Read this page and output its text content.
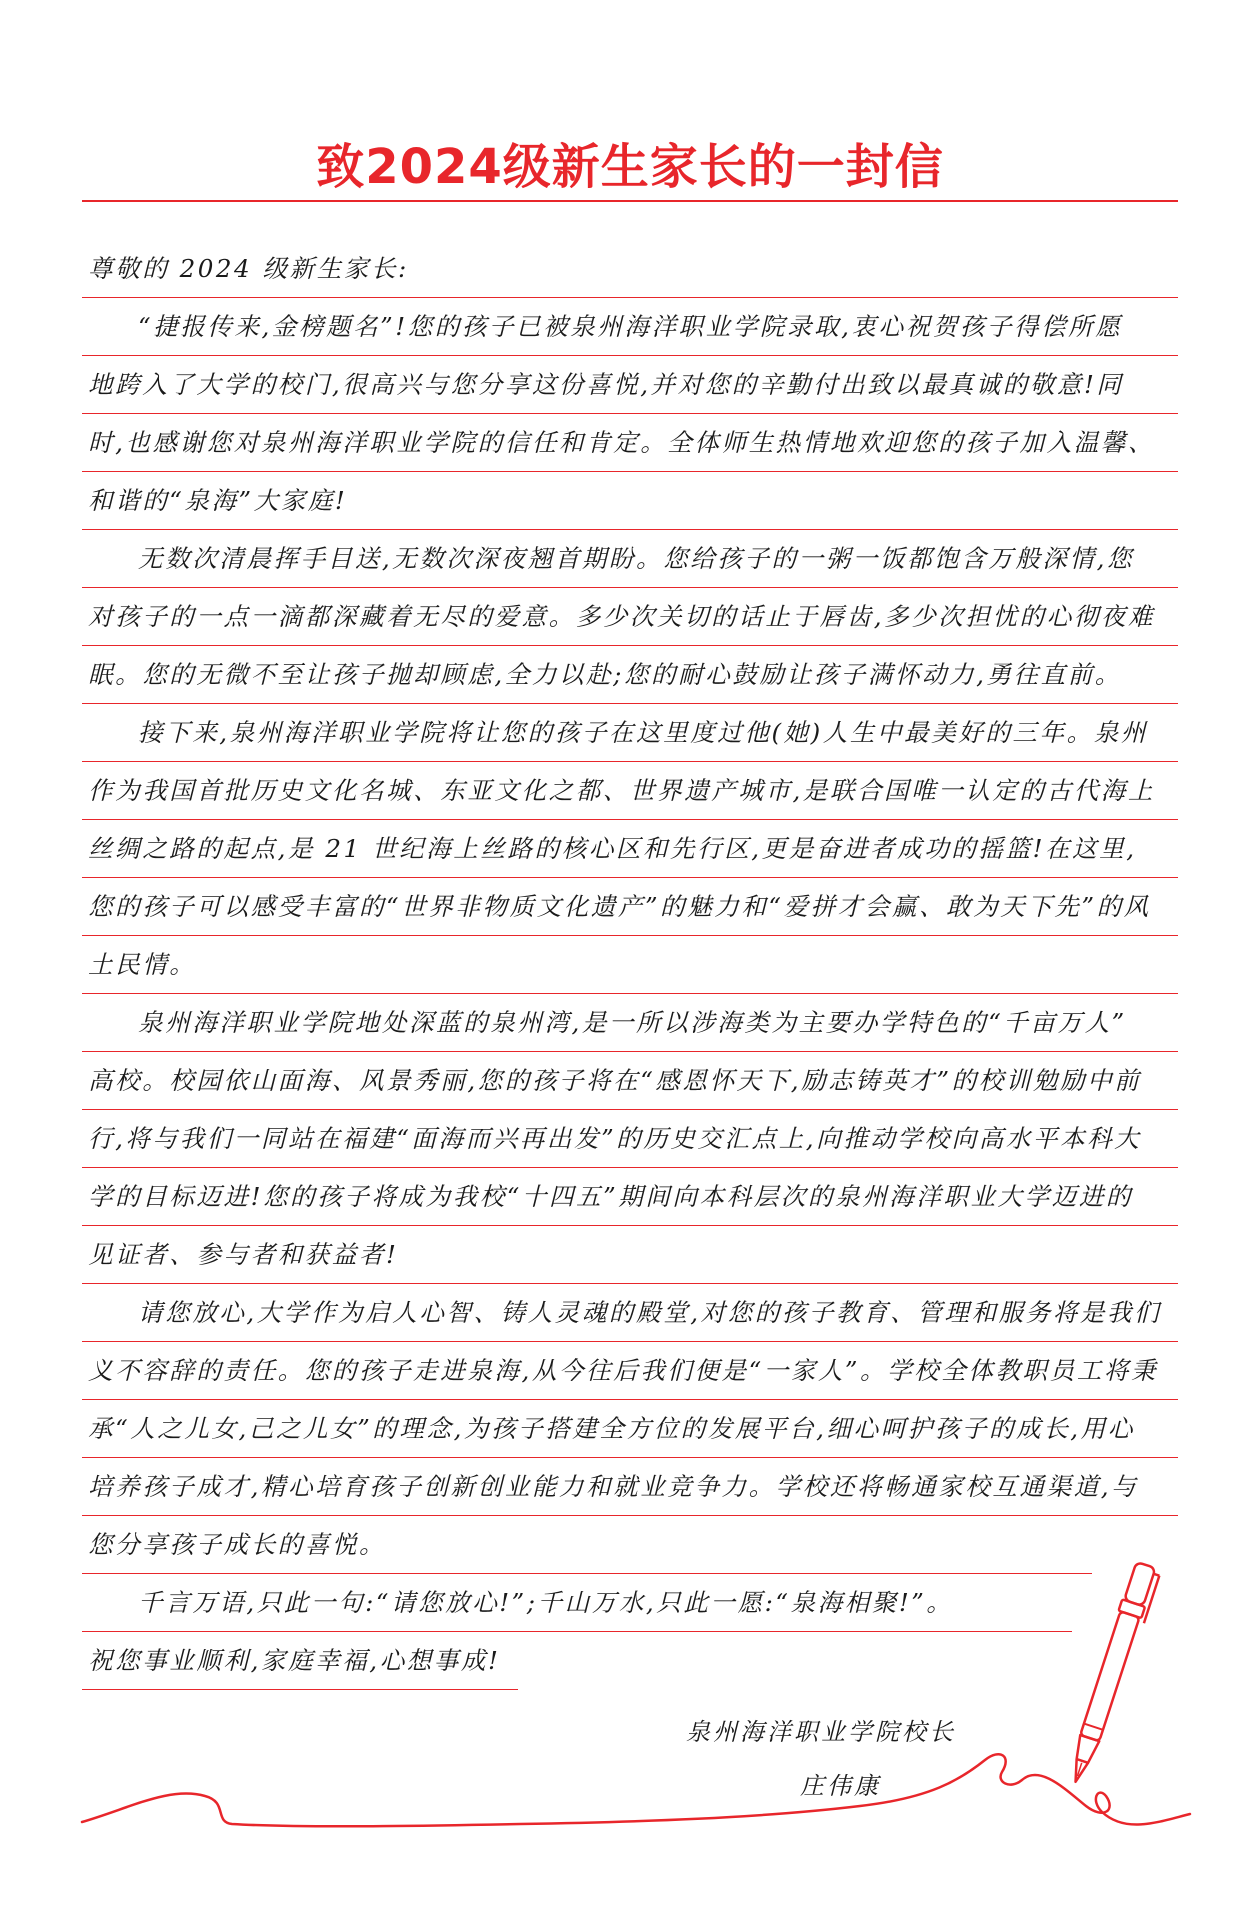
致2024级新生家长的一封信
尊敬的 2024 级新生家长:
“捷报传来,金榜题名”!您的孩子已被泉州海洋职业学院录取,衷心祝贺孩子得偿所愿
地跨入了大学的校门,很高兴与您分享这份喜悦,并对您的辛勤付出致以最真诚的敬意!同
时,也感谢您对泉州海洋职业学院的信任和肯定。全体师生热情地欢迎您的孩子加入温馨、
和谐的“泉海”大家庭!
无数次清晨挥手目送,无数次深夜翘首期盼。您给孩子的一粥一饭都饱含万般深情,您
对孩子的一点一滴都深藏着无尽的爱意。多少次关切的话止于唇齿,多少次担忧的心彻夜难
眠。您的无微不至让孩子抛却顾虑,全力以赴;您的耐心鼓励让孩子满怀动力,勇往直前。
接下来,泉州海洋职业学院将让您的孩子在这里度过他(她)人生中最美好的三年。泉州
作为我国首批历史文化名城、东亚文化之都、世界遗产城市,是联合国唯一认定的古代海上
丝绸之路的起点,是 21 世纪海上丝路的核心区和先行区,更是奋进者成功的摇篮!在这里,
您的孩子可以感受丰富的“世界非物质文化遗产”的魅力和“爱拼才会赢、敢为天下先”的风
土民情。
泉州海洋职业学院地处深蓝的泉州湾,是一所以涉海类为主要办学特色的“千亩万人”
高校。校园依山面海、风景秀丽,您的孩子将在“感恩怀天下,励志铸英才”的校训勉励中前
行,将与我们一同站在福建“面海而兴再出发”的历史交汇点上,向推动学校向高水平本科大
学的目标迈进!您的孩子将成为我校“十四五”期间向本科层次的泉州海洋职业大学迈进的
见证者、参与者和获益者!
请您放心,大学作为启人心智、铸人灵魂的殿堂,对您的孩子教育、管理和服务将是我们
义不容辞的责任。您的孩子走进泉海,从今往后我们便是“一家人”。学校全体教职员工将秉
承“人之儿女,己之儿女”的理念,为孩子搭建全方位的发展平台,细心呵护孩子的成长,用心
培养孩子成才,精心培育孩子创新创业能力和就业竞争力。学校还将畅通家校互通渠道,与
您分享孩子成长的喜悦。
千言万语,只此一句:“请您放心!”;千山万水,只此一愿:“泉海相聚!”。
祝您事业顺利,家庭幸福,心想事成!
泉州海洋职业学院校长
庄伟康
